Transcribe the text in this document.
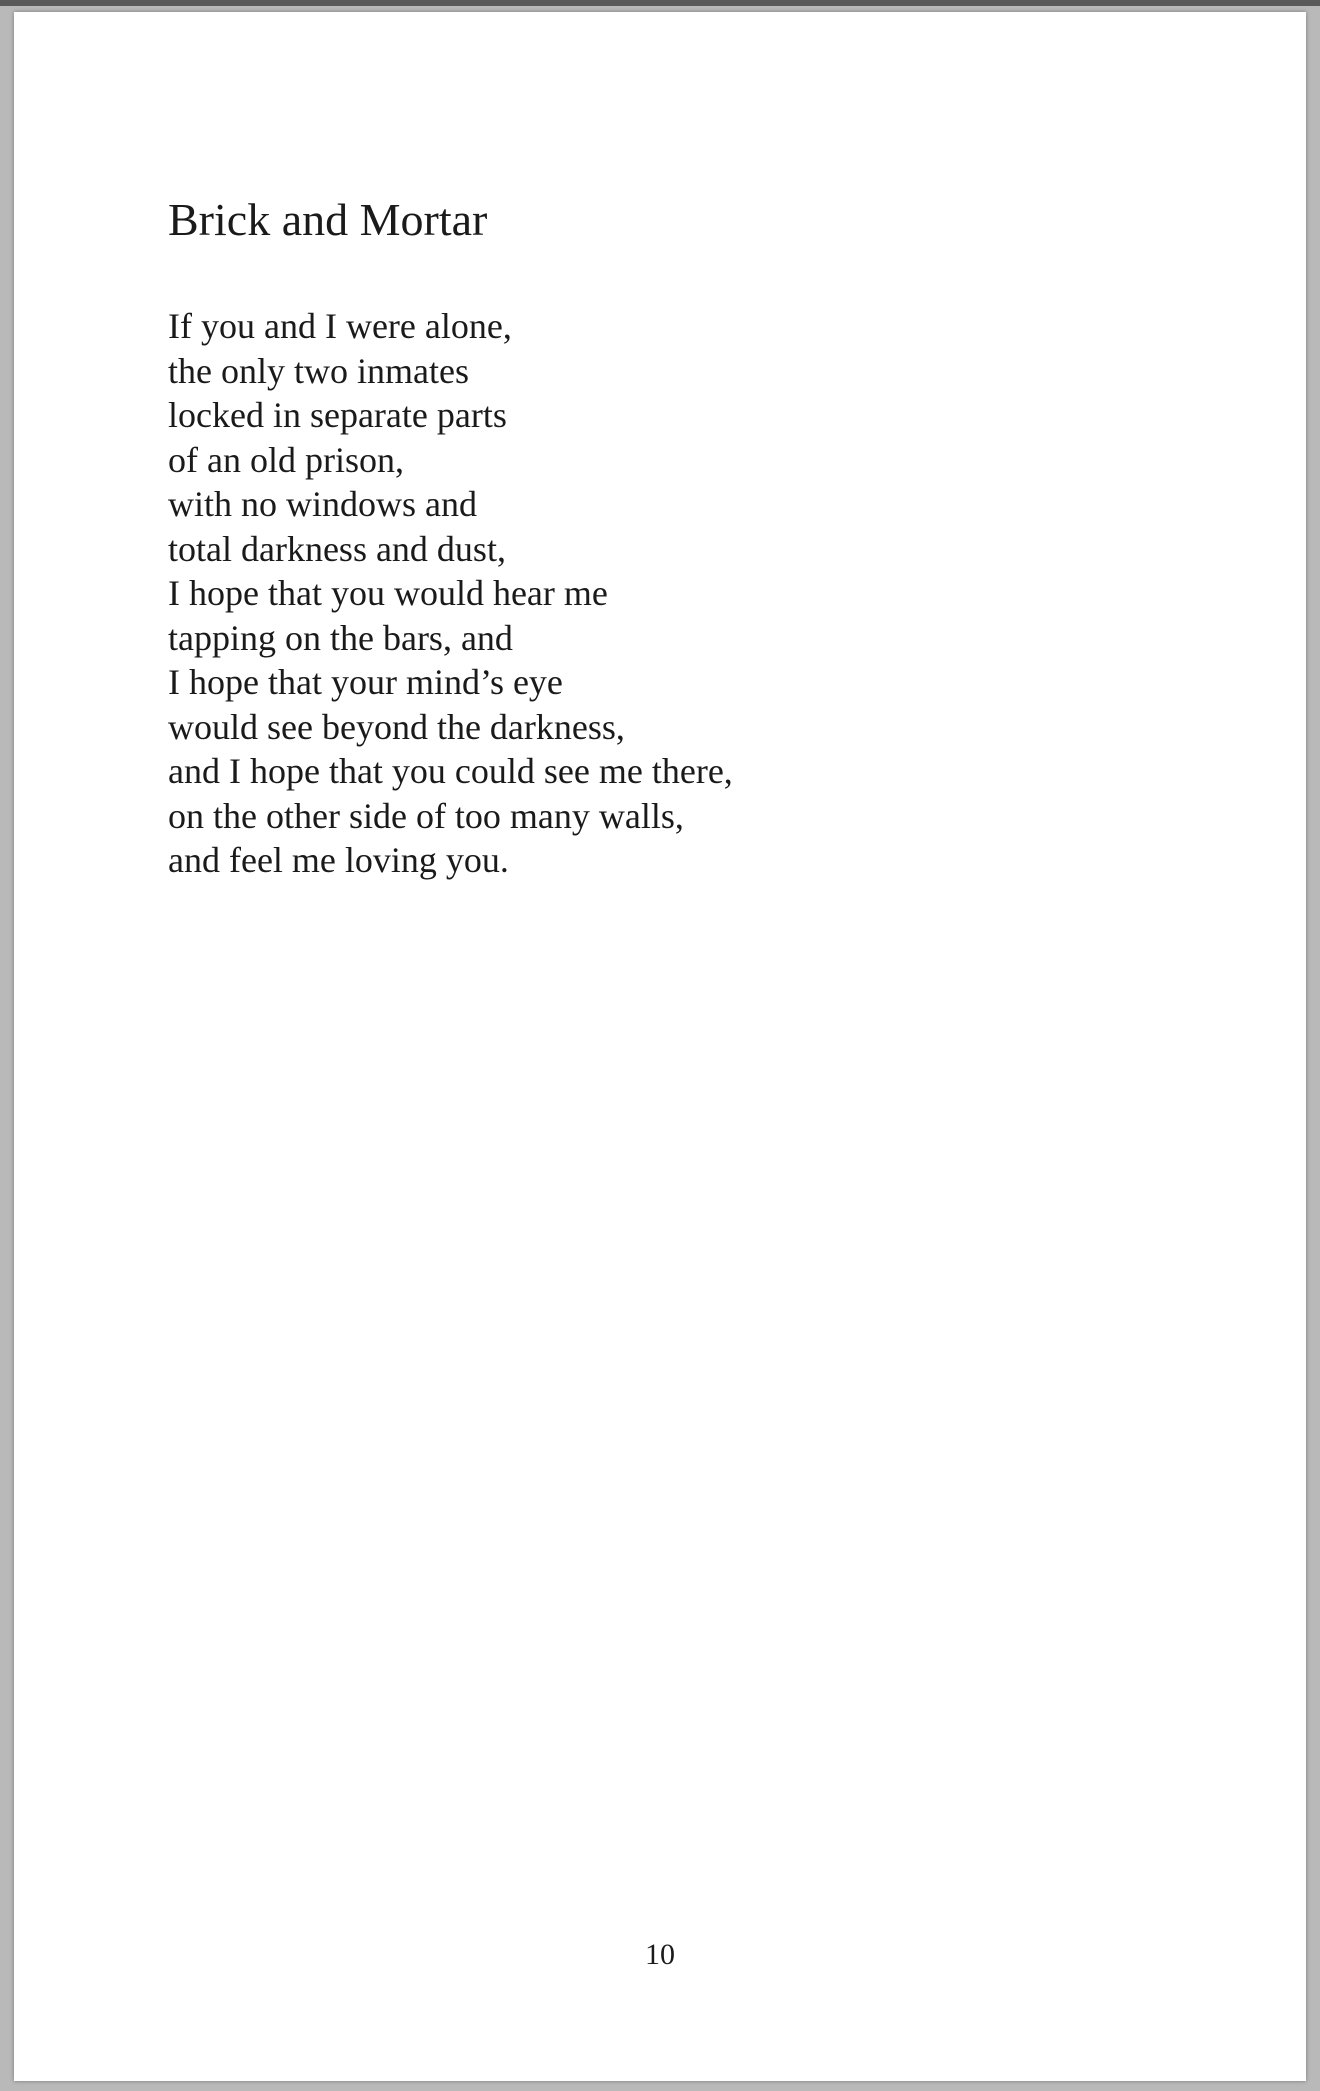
Brick and Mortar
If you and I were alone,
the only two inmates
locked in separate parts
of an old prison,
with no windows and
total darkness and dust,
I hope that you would hear me
tapping on the bars, and
I hope that your mind’s eye
would see beyond the darkness,
and I hope that you could see me there,
on the other side of too many walls,
and feel me loving you.
10
